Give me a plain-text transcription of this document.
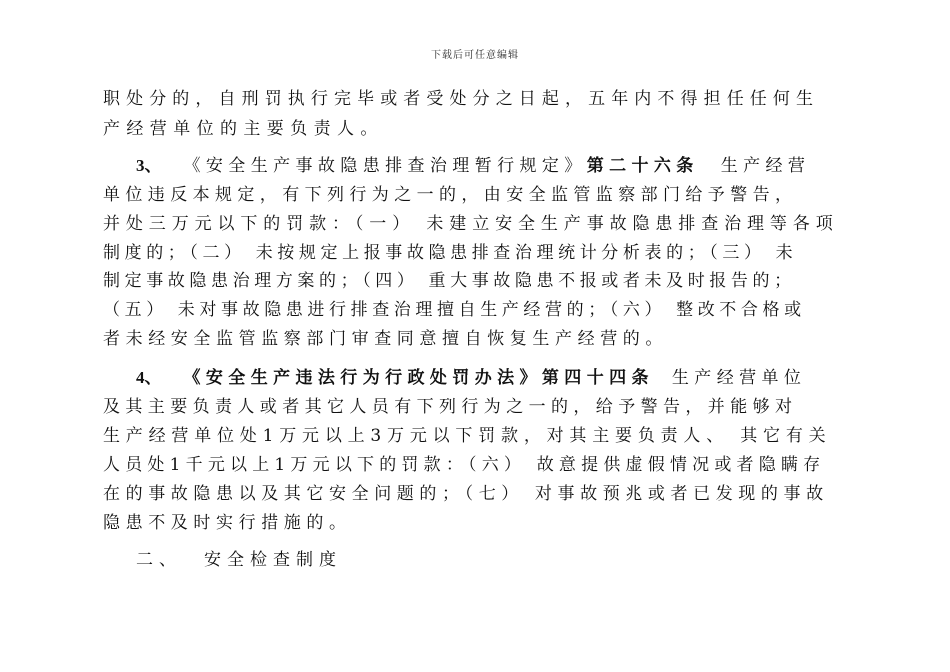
下载后可任意编辑
职处分的，自刑罚执行完毕或者受处分之日起，五年内不得担任任何生
产经营单位的主要负责人。
3、 《安全生产事故隐患排查治理暂行规定》第二十六条 生产经营
单位违反本规定，有下列行为之一的，由安全监管监察部门给予警告，
并处三万元以下的罚款：（一） 未建立安全生产事故隐患排查治理等各项
制度的；（二） 未按规定上报事故隐患排查治理统计分析表的；（三） 未
制定事故隐患治理方案的；（四） 重大事故隐患不报或者未及时报告的；
（五） 未对事故隐患进行排查治理擅自生产经营的；（六） 整改不合格或
者未经安全监管监察部门审查同意擅自恢复生产经营的。
4、 《安全生产违法行为行政处罚办法》第四十四条 生产经营单位
及其主要负责人或者其它人员有下列行为之一的，给予警告，并能够对
生产经营单位处1万元以上3万元以下罚款，对其主要负责人、 其它有关
人员处1千元以上1万元以下的罚款：（六） 故意提供虚假情况或者隐瞒存
在的事故隐患以及其它安全问题的；（七） 对事故预兆或者已发现的事故
隐患不及时实行措施的。
二、 安全检查制度
